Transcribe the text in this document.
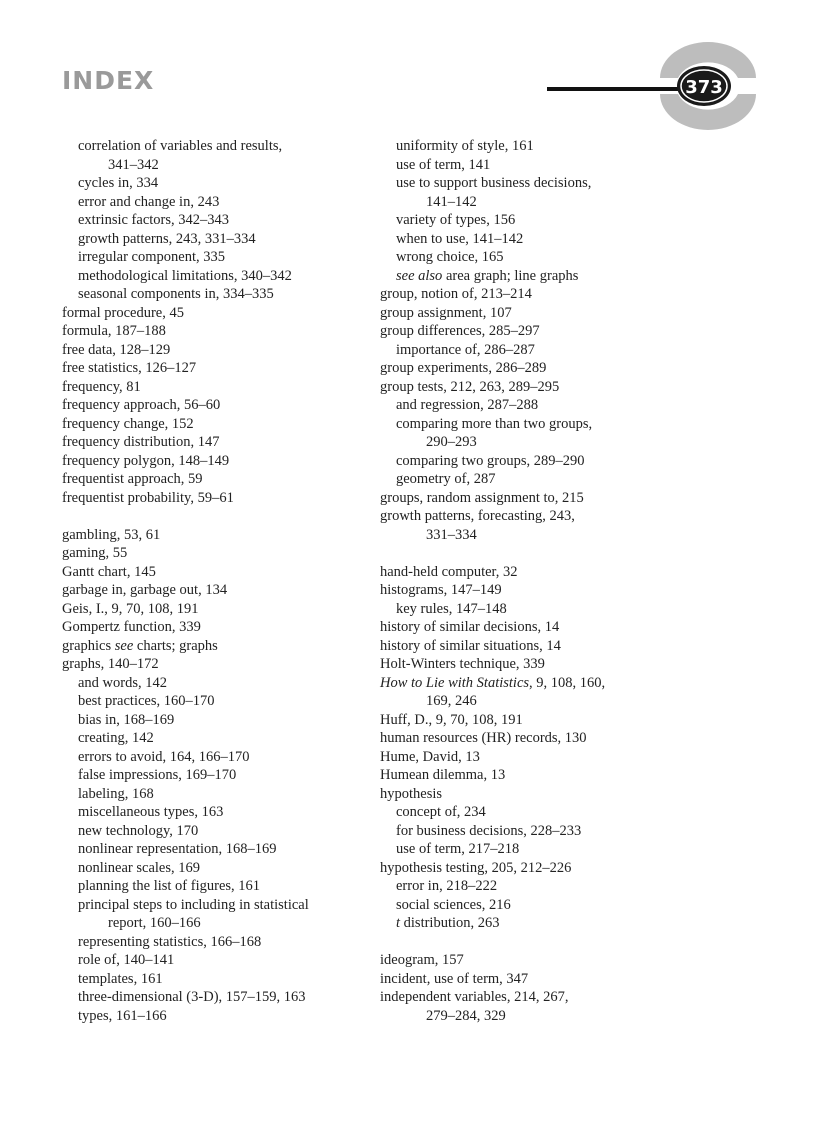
INDEX	373
correlation of variables and results,
341–342
cycles in, 334
error and change in, 243
extrinsic factors, 342–343
growth patterns, 243, 331–334
irregular component, 335
methodological limitations, 340–342
seasonal components in, 334–335
formal procedure, 45
formula, 187–188
free data, 128–129
free statistics, 126–127
frequency, 81
frequency approach, 56–60
frequency change, 152
frequency distribution, 147
frequency polygon, 148–149
frequentist approach, 59
frequentist probability, 59–61
gambling, 53, 61
gaming, 55
Gantt chart, 145
garbage in, garbage out, 134
Geis, I., 9, 70, 108, 191
Gompertz function, 339
graphics see charts; graphs
graphs, 140–172
and words, 142
best practices, 160–170
bias in, 168–169
creating, 142
errors to avoid, 164, 166–170
false impressions, 169–170
labeling, 168
miscellaneous types, 163
new technology, 170
nonlinear representation, 168–169
nonlinear scales, 169
planning the list of figures, 161
principal steps to including in statistical
report, 160–166
representing statistics, 166–168
role of, 140–141
templates, 161
three-dimensional (3-D), 157–159, 163
types, 161–166
uniformity of style, 161
use of term, 141
use to support business decisions,
141–142
variety of types, 156
when to use, 141–142
wrong choice, 165
see also area graph; line graphs
group, notion of, 213–214
group assignment, 107
group differences, 285–297
importance of, 286–287
group experiments, 286–289
group tests, 212, 263, 289–295
and regression, 287–288
comparing more than two groups,
290–293
comparing two groups, 289–290
geometry of, 287
groups, random assignment to, 215
growth patterns, forecasting, 243,
331–334
hand-held computer, 32
histograms, 147–149
key rules, 147–148
history of similar decisions, 14
history of similar situations, 14
Holt-Winters technique, 339
How to Lie with Statistics, 9, 108, 160,
169, 246
Huff, D., 9, 70, 108, 191
human resources (HR) records, 130
Hume, David, 13
Humean dilemma, 13
hypothesis
concept of, 234
for business decisions, 228–233
use of term, 217–218
hypothesis testing, 205, 212–226
error in, 218–222
social sciences, 216
t distribution, 263
ideogram, 157
incident, use of term, 347
independent variables, 214, 267,
279–284, 329
